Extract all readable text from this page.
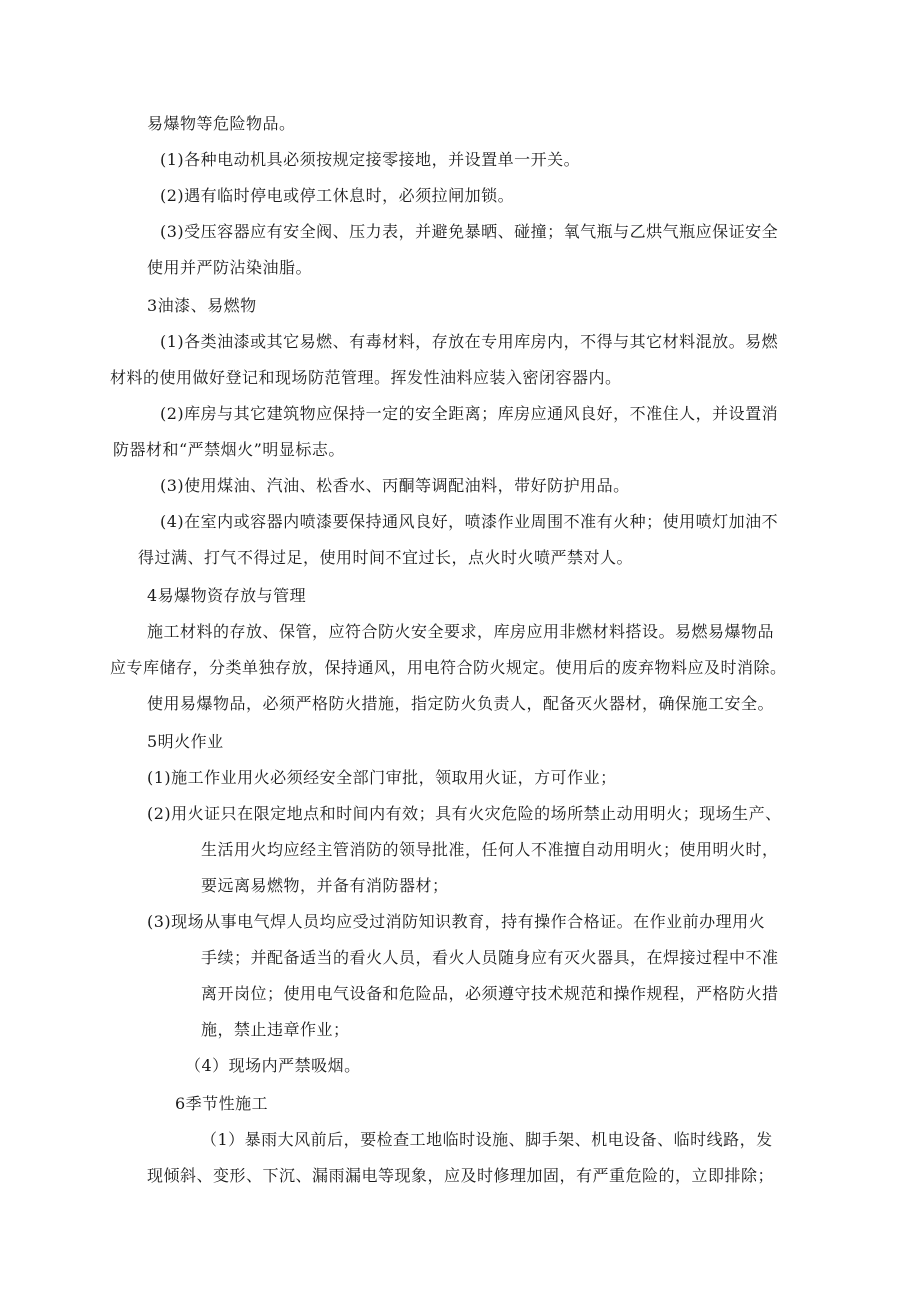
易爆物等危险物品。
(1)各种电动机具必须按规定接零接地，并设置单一开关。
(2)遇有临时停电或停工休息时，必须拉闸加锁。
(3)受压容器应有安全阀、压力表，并避免暴晒、碰撞；氧气瓶与乙烘气瓶应保证安全
使用并严防沾染油脂。
3油漆、易燃物
(1)各类油漆或其它易燃、有毒材料，存放在专用库房内，不得与其它材料混放。易燃
材料的使用做好登记和现场防范管理。挥发性油料应装入密闭容器内。
(2)库房与其它建筑物应保持一定的安全距离；库房应通风良好，不准住人，并设置消
防器材和“严禁烟火”明显标志。
(3)使用煤油、汽油、松香水、丙酮等调配油料，带好防护用品。
(4)在室内或容器内喷漆要保持通风良好，喷漆作业周围不准有火种；使用喷灯加油不
得过满、打气不得过足，使用时间不宜过长，点火时火喷严禁对人。
4易爆物资存放与管理
施工材料的存放、保管，应符合防火安全要求，库房应用非燃材料搭设。易燃易爆物品
应专库储存，分类单独存放，保持通风，用电符合防火规定。使用后的废弃物料应及时消除。
使用易爆物品，必须严格防火措施，指定防火负责人，配备灭火器材，确保施工安全。
5明火作业
(1)施工作业用火必须经安全部门审批，领取用火证，方可作业；
(2)用火证只在限定地点和时间内有效；具有火灾危险的场所禁止动用明火；现场生产、
生活用火均应经主管消防的领导批准，任何人不准擅自动用明火；使用明火时，
要远离易燃物，并备有消防器材；
(3)现场从事电气焊人员均应受过消防知识教育，持有操作合格证。在作业前办理用火
手续；并配备适当的看火人员，看火人员随身应有灭火器具，在焊接过程中不准
离开岗位；使用电气设备和危险品，必须遵守技术规范和操作规程，严格防火措
施，禁止违章作业；
（4）现场内严禁吸烟。
6季节性施工
（1）暴雨大风前后，要检查工地临时设施、脚手架、机电设备、临时线路，发
现倾斜、变形、下沉、漏雨漏电等现象，应及时修理加固，有严重危险的，立即排除；
